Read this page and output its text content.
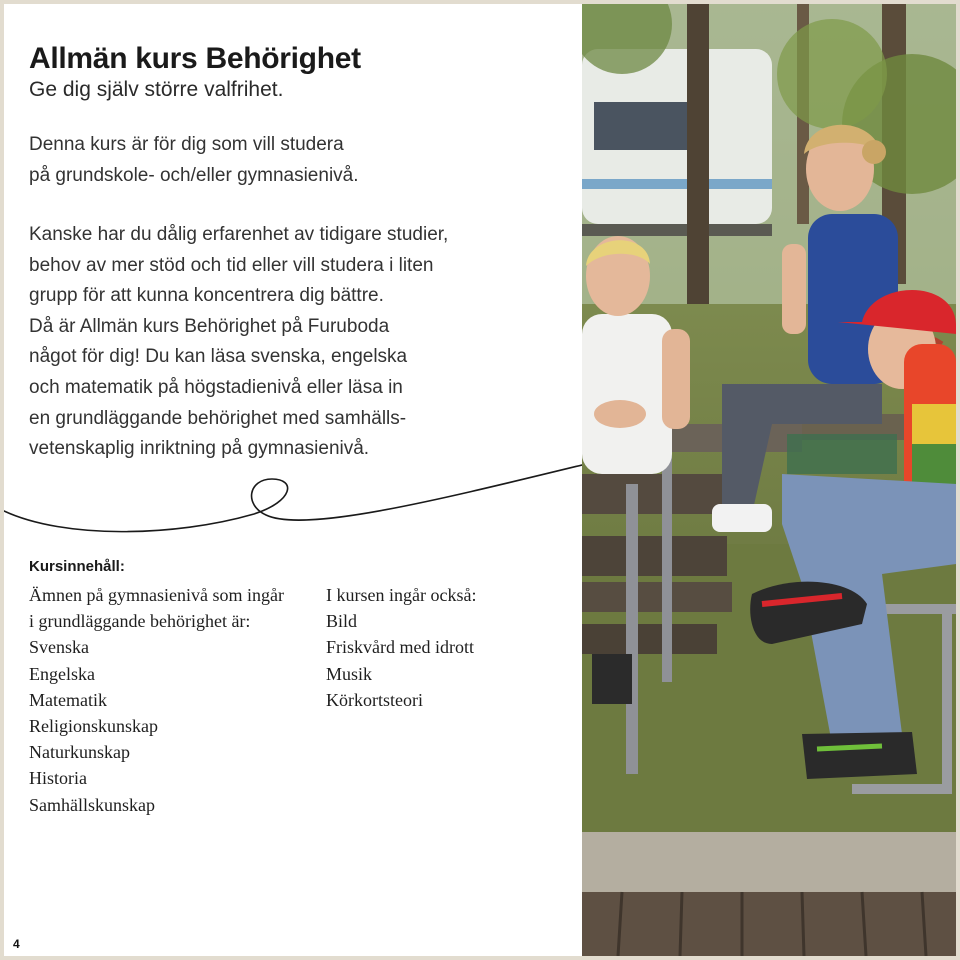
Allmän kurs Behörighet

Ge dig själv större valfrihet.

Denna kurs är för dig som vill studera
på grundskole- och/eller gymnasienivå.

Kanske har du dålig erfarenhet av tidigare studier,
behov av mer stöd och tid eller vill studera i liten
grupp för att kunna koncentrera dig bättre.
Då är Allmän kurs Behörighet på Furuboda
något för dig! Du kan läsa svenska, engelska
och matematik på högstadienivå eller läsa in
en grundläggande behörighet med samhälls-
vetenskaplig inriktning på gymnasienivå.

Kursinnehåll:
Ämnen på gymnasienivå som ingår
i grundläggande behörighet är:
Svenska
Engelska
Matematik
Religionskunskap
Naturkunskap
Historia
Samhällskunskap
I kursen ingår också:
Bild
Friskvård med idrott
Musik
Körkortsteori
4
